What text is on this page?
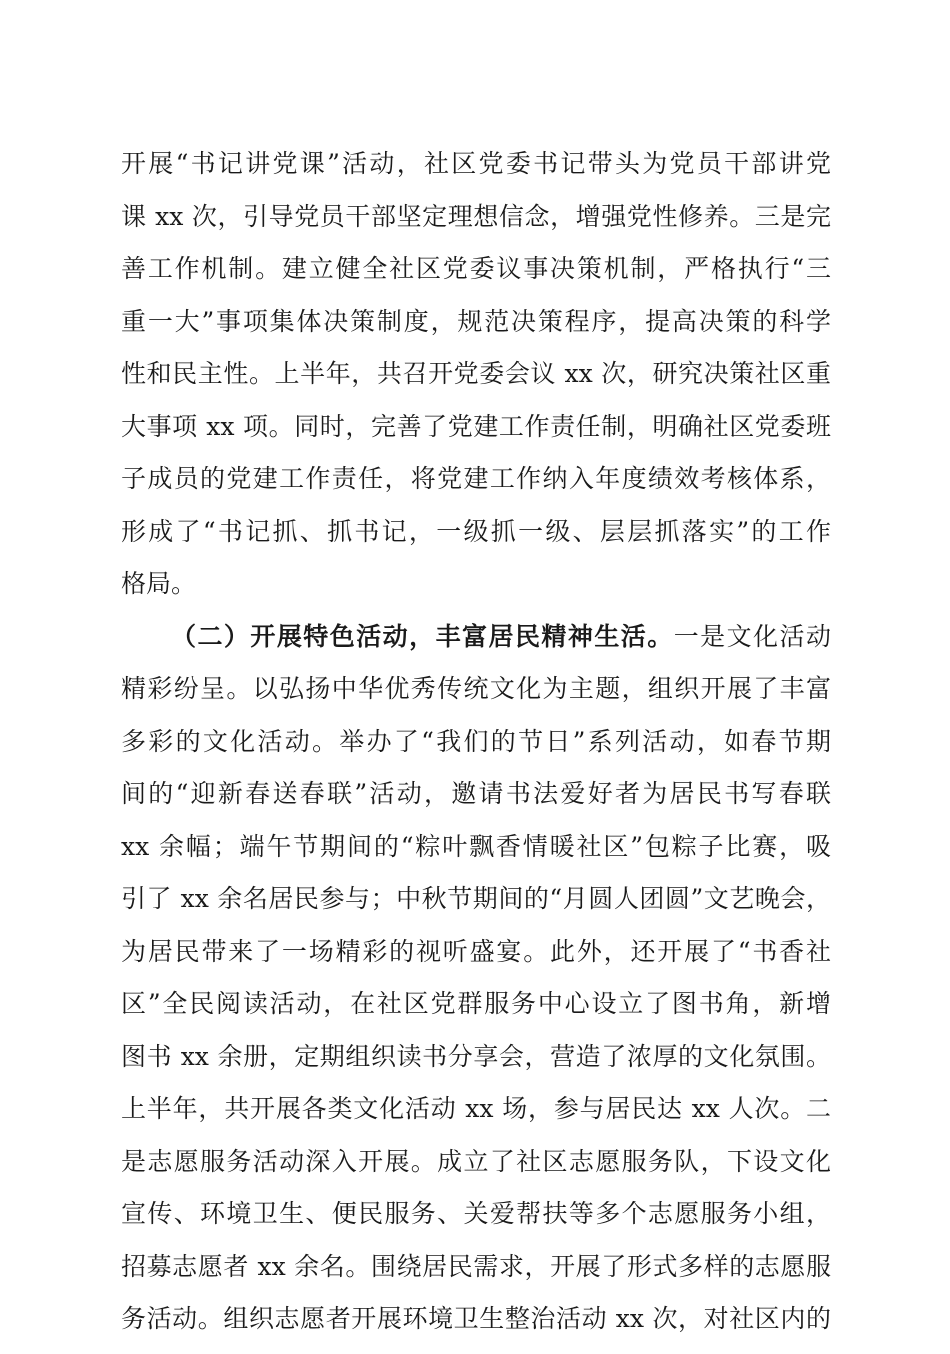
开展“书记讲党课”活动，社区党委书记带头为党员干部讲党
课 xx 次，引导党员干部坚定理想信念，增强党性修养。三是完
善工作机制。建立健全社区党委议事决策机制，严格执行“三
重一大”事项集体决策制度，规范决策程序，提高决策的科学
性和民主性。上半年，共召开党委会议 xx 次，研究决策社区重
大事项 xx 项。同时，完善了党建工作责任制，明确社区党委班
子成员的党建工作责任，将党建工作纳入年度绩效考核体系，
形成了“书记抓、抓书记，一级抓一级、层层抓落实”的工作
格局。
（二）开展特色活动，丰富居民精神生活。一是文化活动
精彩纷呈。以弘扬中华优秀传统文化为主题，组织开展了丰富
多彩的文化活动。举办了“我们的节日”系列活动，如春节期
间的“迎新春送春联”活动，邀请书法爱好者为居民书写春联
xx 余幅；端午节期间的“粽叶飘香情暖社区”包粽子比赛，吸
引了 xx 余名居民参与；中秋节期间的“月圆人团圆”文艺晚会，
为居民带来了一场精彩的视听盛宴。此外，还开展了“书香社
区”全民阅读活动，在社区党群服务中心设立了图书角，新增
图书 xx 余册，定期组织读书分享会，营造了浓厚的文化氛围。
上半年，共开展各类文化活动 xx 场，参与居民达 xx 人次。二
是志愿服务活动深入开展。成立了社区志愿服务队，下设文化
宣传、环境卫生、便民服务、关爱帮扶等多个志愿服务小组，
招募志愿者 xx 余名。围绕居民需求，开展了形式多样的志愿服
务活动。组织志愿者开展环境卫生整治活动 xx 次，对社区内的
